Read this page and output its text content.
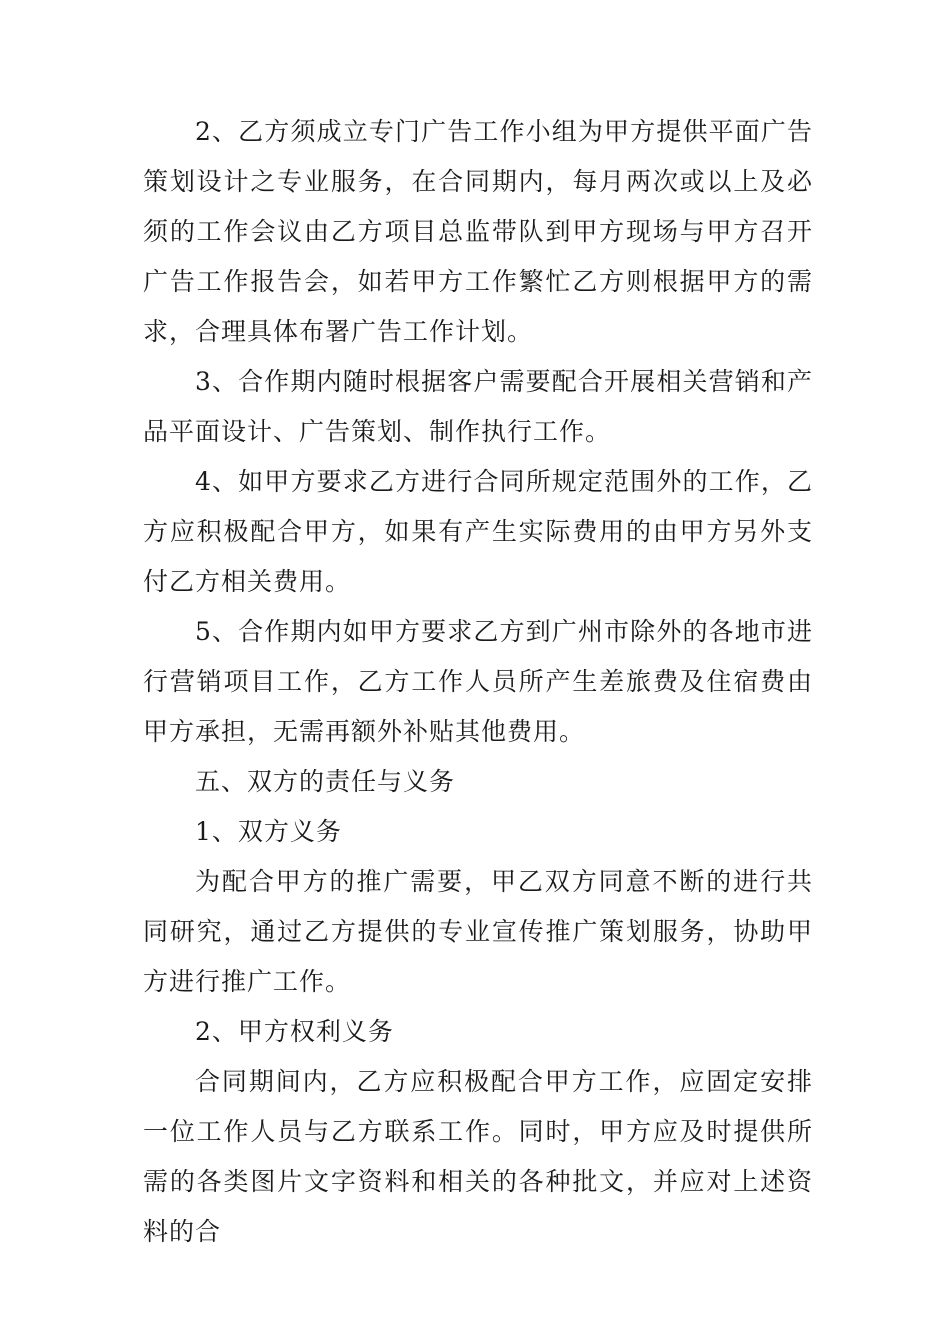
2、乙方须成立专门广告工作小组为甲方提供平面广告策划设计之专业服务，在合同期内，每月两次或以上及必须的工作会议由乙方项目总监带队到甲方现场与甲方召开广告工作报告会，如若甲方工作繁忙乙方则根据甲方的需求，合理具体布署广告工作计划。

3、合作期内随时根据客户需要配合开展相关营销和产品平面设计、广告策划、制作执行工作。

4、如甲方要求乙方进行合同所规定范围外的工作，乙方应积极配合甲方，如果有产生实际费用的由甲方另外支付乙方相关费用。

5、合作期内如甲方要求乙方到广州市除外的各地市进行营销项目工作，乙方工作人员所产生差旅费及住宿费由甲方承担，无需再额外补贴其他费用。

五、双方的责任与义务

1、双方义务

为配合甲方的推广需要，甲乙双方同意不断的进行共同研究，通过乙方提供的专业宣传推广策划服务，协助甲方进行推广工作。

2、甲方权利义务

合同期间内，乙方应积极配合甲方工作，应固定安排一位工作人员与乙方联系工作。同时，甲方应及时提供所需的各类图片文字资料和相关的各种批文，并应对上述资料的合
